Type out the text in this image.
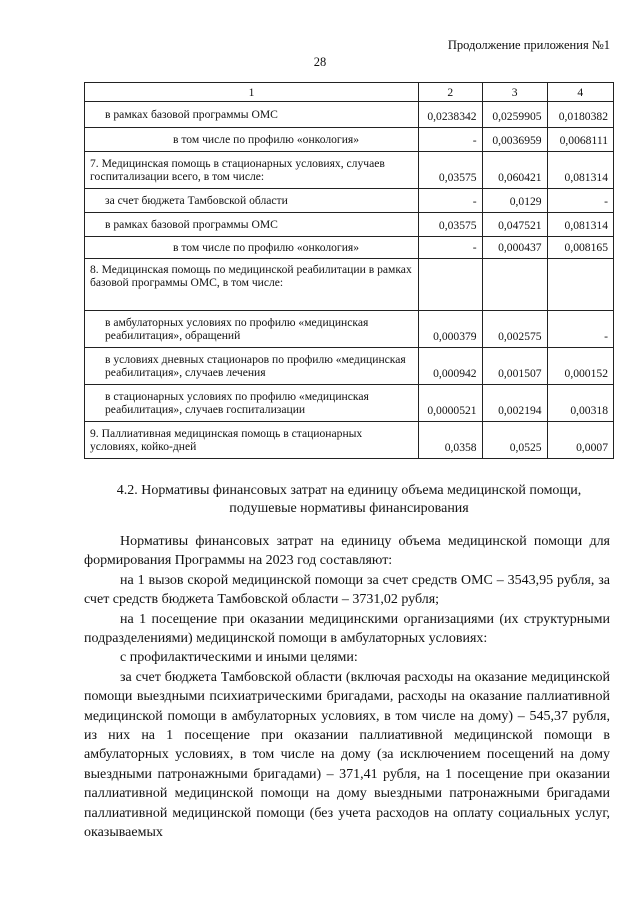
Продолжение приложения №1
28
1	2	3	4
в рамках базовой программы ОМС	0,0238342	0,0259905	0,0180382
в том числе по профилю «онкология»	-	0,0036959	0,0068111
7. Медицинская помощь в стационарных условиях, случаев госпитализации всего, в том числе:	0,03575	0,060421	0,081314
за счет бюджета Тамбовской области	-	0,0129	-
в рамках базовой программы ОМС	0,03575	0,047521	0,081314
в том числе по профилю «онкология»	-	0,000437	0,008165
8. Медицинская помощь по медицинской реабилитации в рамках базовой программы ОМС, в том числе:			
в амбулаторных условиях по профилю «медицинская реабилитация», обращений	0,000379	0,002575	-
в условиях дневных стационаров по профилю «медицинская реабилитация», случаев лечения	0,000942	0,001507	0,000152
в стационарных условиях по профилю «медицинская реабилитация», случаев госпитализации	0,0000521	0,002194	0,00318
9. Паллиативная медицинская помощь в стационарных условиях, койко-дней	0,0358	0,0525	0,0007
4.2. Нормативы финансовых затрат на единицу объема медицинской помощи,
подушевые нормативы финансирования

Нормативы финансовых затрат на единицу объема медицинской помощи для формирования Программы на 2023 год составляют:

на 1 вызов скорой медицинской помощи за счет средств ОМС – 3543,95 рубля, за счет средств бюджета Тамбовской области – 3731,02 рубля;

на 1 посещение при оказании медицинскими организациями (их структурными подразделениями) медицинской помощи в амбулаторных условиях:

с профилактическими и иными целями:

за счет бюджета Тамбовской области (включая расходы на оказание медицинской помощи выездными психиатрическими бригадами, расходы на оказание паллиативной медицинской помощи в амбулаторных условиях, в том числе на дому) – 545,37 рубля, из них на 1 посещение при оказании паллиативной медицинской помощи в амбулаторных условиях, в том числе на дому (за исключением посещений на дому выездными патронажными бригадами) – 371,41 рубля, на 1 посещение при оказании паллиативной медицинской помощи на дому выездными патронажными бригадами паллиативной медицинской помощи (без учета расходов на оплату социальных услуг, оказываемых
